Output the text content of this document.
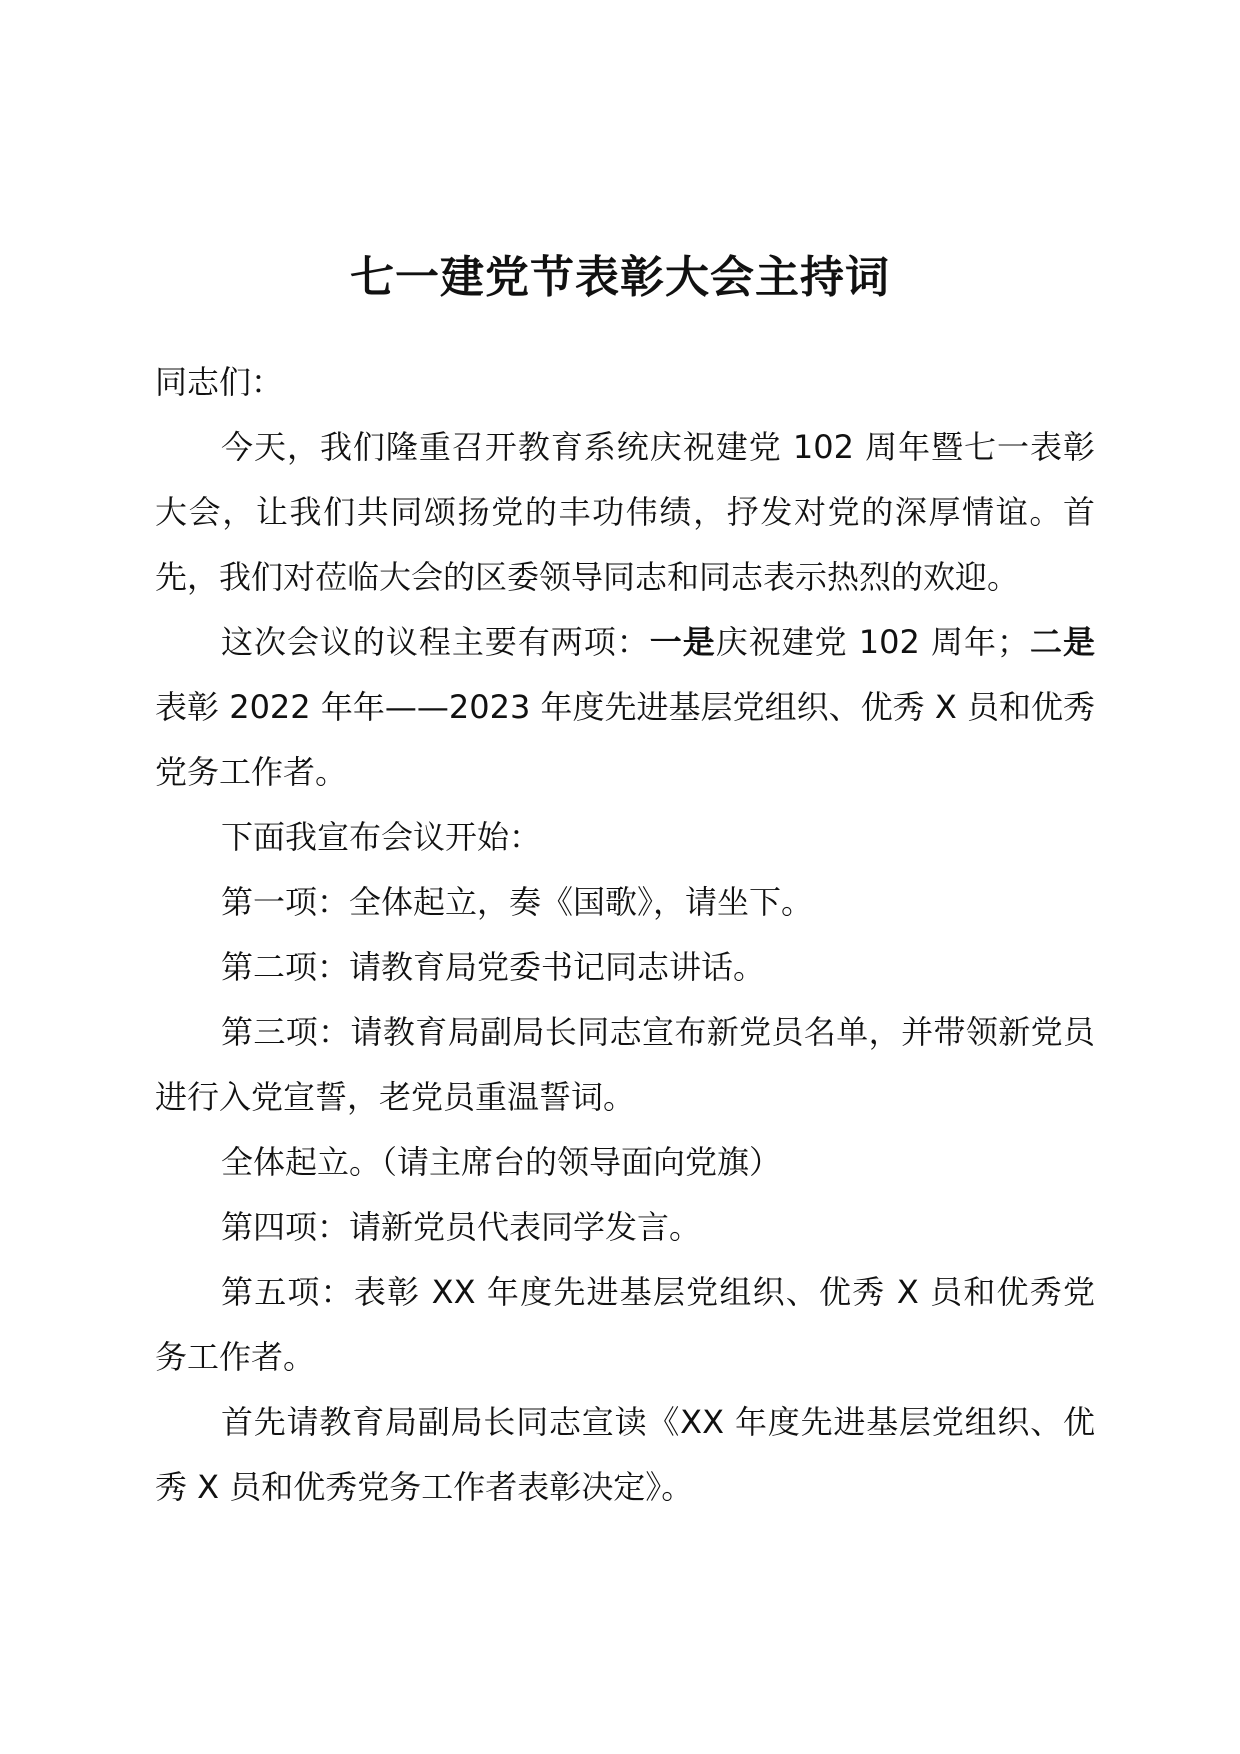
七一建党节表彰大会主持词

同志们：

今天，我们隆重召开教育系统庆祝建党 102 周年暨七一表彰大会，让我们共同颂扬党的丰功伟绩，抒发对党的深厚情谊。首先，我们对莅临大会的区委领导同志和同志表示热烈的欢迎。

这次会议的议程主要有两项：一是庆祝建党 102 周年；二是表彰 2022 年年——2023 年度先进基层党组织、优秀 X 员和优秀党务工作者。

下面我宣布会议开始：

第一项：全体起立，奏《国歌》，请坐下。

第二项：请教育局党委书记同志讲话。

第三项：请教育局副局长同志宣布新党员名单，并带领新党员进行入党宣誓，老党员重温誓词。

全体起立。（请主席台的领导面向党旗）

第四项：请新党员代表同学发言。

第五项：表彰 XX 年度先进基层党组织、优秀 X 员和优秀党务工作者。

首先请教育局副局长同志宣读《XX 年度先进基层党组织、优秀 X 员和优秀党务工作者表彰决定》。
